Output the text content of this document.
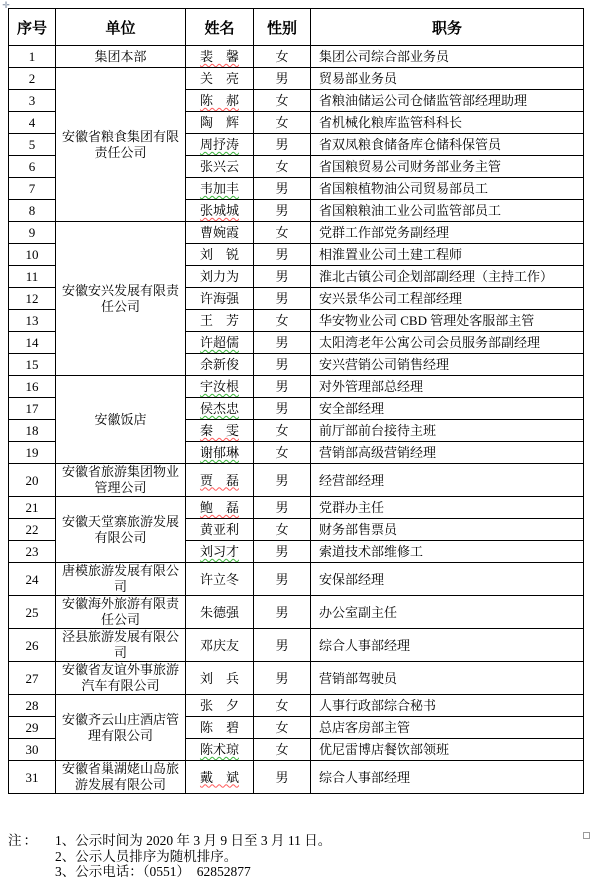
✛
序号	单位	姓名	性别	职务
1	集团本部	裴　馨	女	集团公司综合部业务员
2	安徽省粮食集团有限责任公司	关　亮	男	贸易部业务员
3		陈　郝	女	省粮油储运公司仓储监管部经理助理
4		陶　辉	女	省机械化粮库监管科科长
5		周抒涛	男	省双凤粮食储备库仓储科保管员
6		张兴云	女	省国粮贸易公司财务部业务主管
7		韦加丰	男	省国粮植物油公司贸易部员工
8		张城城	男	省国粮粮油工业公司监管部员工
9	安徽安兴发展有限责任公司	曹婉霞	女	党群工作部党务副经理
10		刘　锐	男	相淮置业公司土建工程师
11		刘力为	男	淮北古镇公司企划部副经理（主持工作）
12		许海强	男	安兴景华公司工程部经理
13		王　芳	女	华安物业公司 CBD 管理处客服部主管
14		许超儒	男	太阳湾老年公寓公司会员服务部副经理
15		余新俊	男	安兴营销公司销售经理
16	安徽饭店	宇汝根	男	对外管理部总经理
17		侯杰忠	男	安全部经理
18		秦　雯	女	前厅部前台接待主班
19		谢郁琳	女	营销部高级营销经理
20	安徽省旅游集团物业管理公司	贾　磊	男	经营部经理
21	安徽天堂寨旅游发展有限公司	鲍　磊	男	党群办主任
22		黄亚利	女	财务部售票员
23		刘习才	男	索道技术部维修工
24	唐模旅游发展有限公司	许立冬	男	安保部经理
25	安徽海外旅游有限责任公司	朱德强	男	办公室副主任
26	泾县旅游发展有限公司	邓庆友	男	综合人事部经理
27	安徽省友谊外事旅游汽车有限公司	刘　兵	男	营销部驾驶员
28	安徽齐云山庄酒店管理有限公司	张　夕	女	人事行政部综合秘书
29		陈　碧	女	总店客房部主管
30		陈术琼	女	优尼雷博店餐饮部领班
31	安徽省巢湖姥山岛旅游发展有限公司	戴　斌	男	综合人事部经理
注： 1、公示时间为 2020 年 3 月 9 日至 3 月 11 日。
2、公示人员排序为随机排序。
3、公示电话：（0551）  62852877
